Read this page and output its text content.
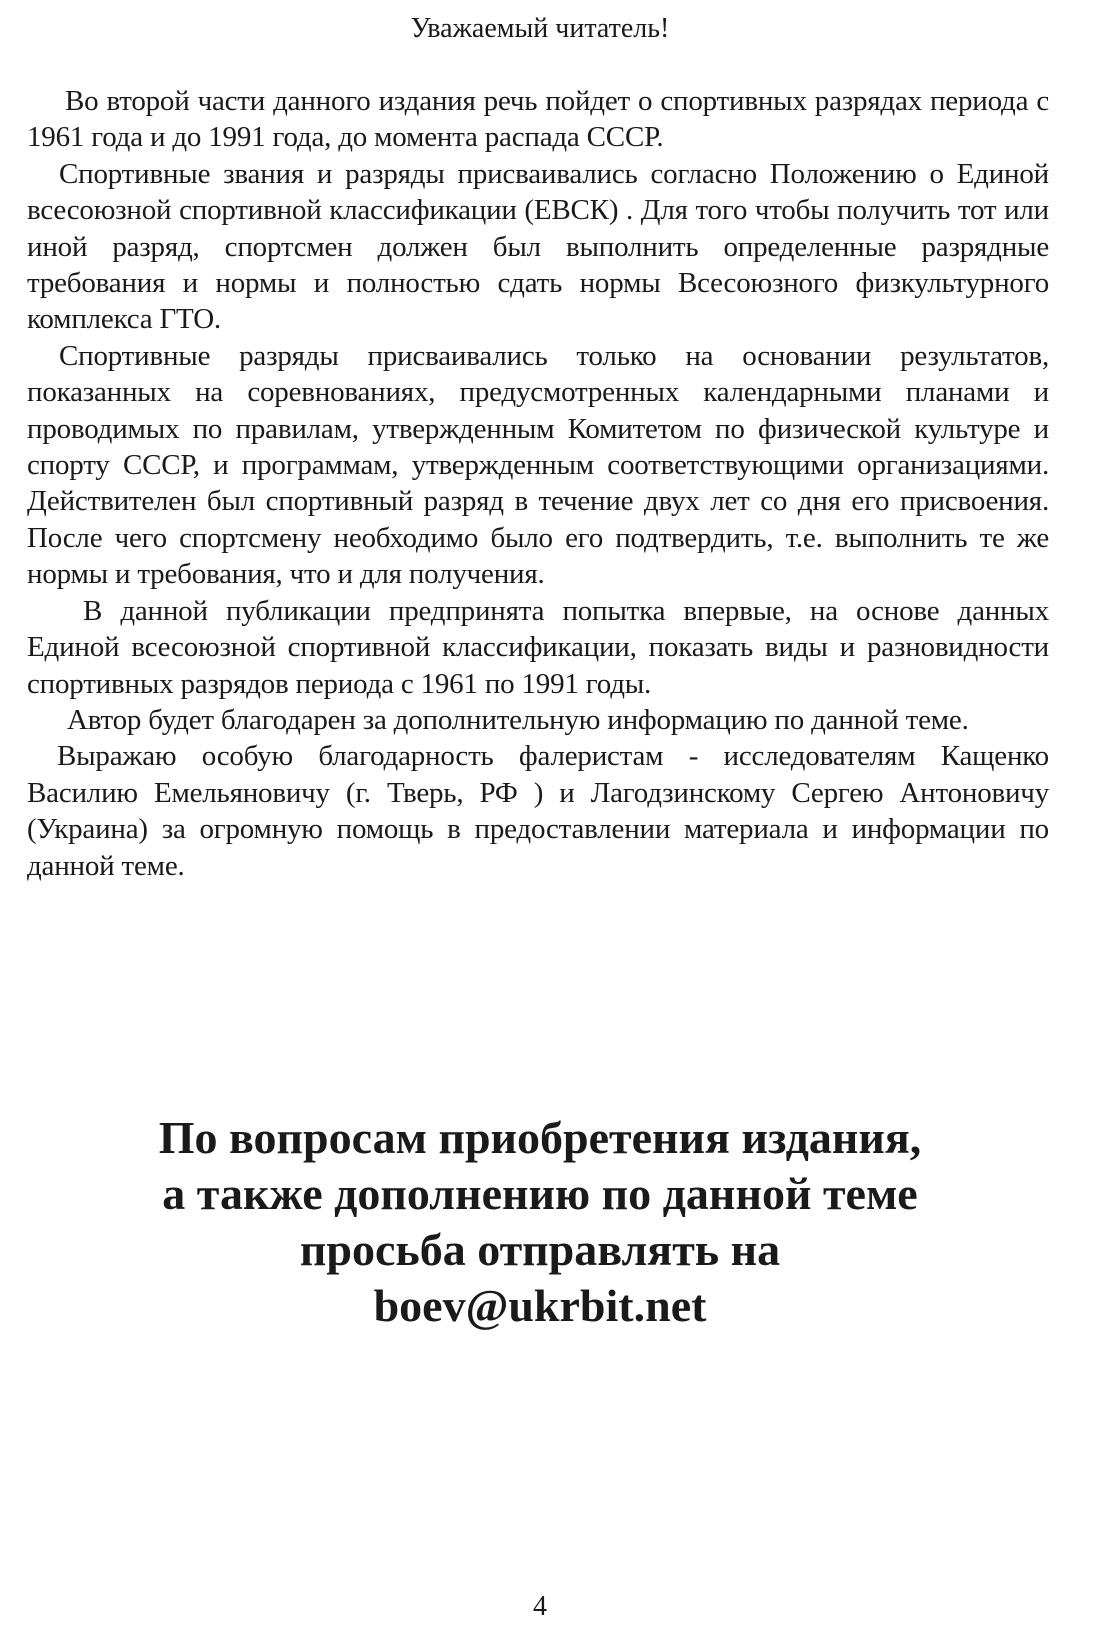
Уважаемый читатель!

Во второй части данного издания речь пойдет о спортивных разрядах периода с 1961 года и до 1991 года, до момента распада СССР.

Спортивные звания и разряды присваивались согласно Положению о Единой всесоюзной спортивной классификации (ЕВСК) . Для того чтобы получить тот или иной разряд, спортсмен должен был выполнить определенные разрядные требования и нормы и полностью сдать нормы Всесоюзного физкультурного комплекса ГТО.

Спортивные разряды присваивались только на основании результатов, показанных на соревнованиях, предусмотренных календарными планами и проводимых по правилам, утвержденным Комитетом по физической культуре и спорту СССР, и программам, утвержденным соответствующими организациями. Действителен был спортивный разряд в течение двух лет со дня его присвоения. После чего спортсмену необходимо было его подтвердить, т.е. выполнить те же нормы и требования, что и для получения.

В данной публикации предпринята попытка впервые, на основе данных Единой всесоюзной спортивной классификации, показать виды и разновидности спортивных разрядов периода с 1961 по 1991 годы.

Автор будет благодарен за дополнительную информацию по данной теме.

Выражаю особую благодарность фалеристам - исследователям Кащенко Василию Емельяновичу (г. Тверь, РФ ) и Лагодзинскому Сергею Антоновичу (Украина) за огромную помощь в предоставлении материала и информации по данной теме.

По вопросам приобретения издания,
а также дополнению по данной теме
просьба отправлять на
boev@ukrbit.net
4
